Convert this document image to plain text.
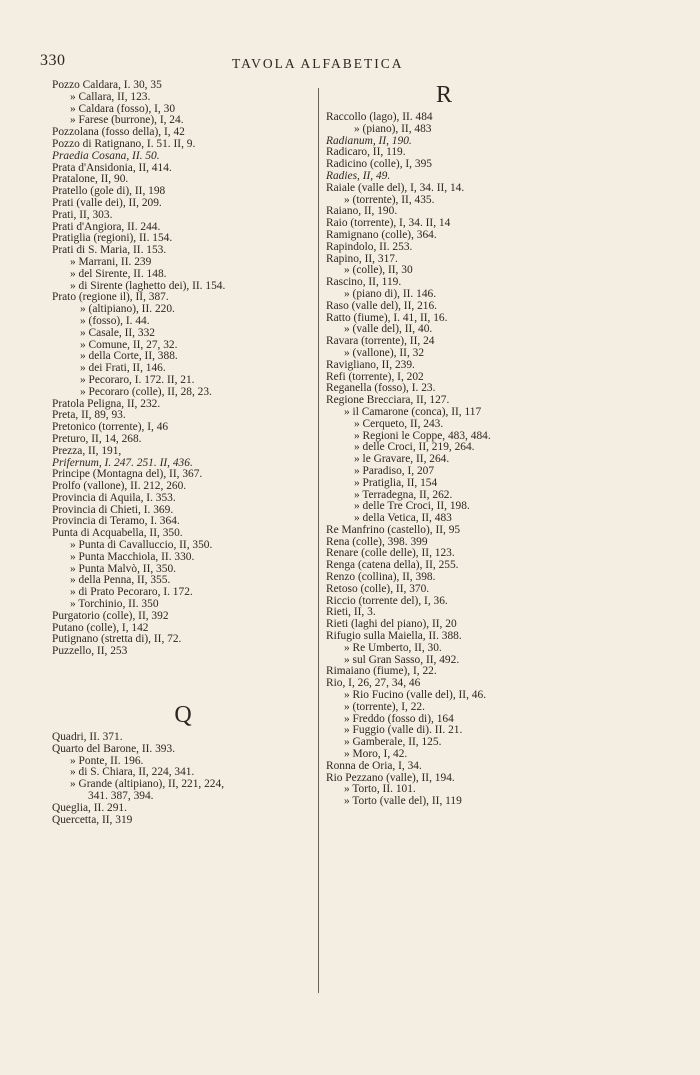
330	TAVOLA ALFABETICA
Pozzo Caldara, I. 30, 35
» Callara, II, 123.
» Caldara (fosso), I, 30
» Farese (burrone), I, 24.
Pozzolana (fosso della), I, 42
Pozzo di Ratignano, I. 51. II, 9.
Praedia Cosana, II. 50.
Prata d'Ansidonia, II, 414.
Pratalone, II, 90.
Pratello (gole di), II, 198
Prati (valle dei), II, 209.
Prati, II, 303.
Prati d'Angiora, II. 244.
Pratiglia (regioni), II. 154.
Prati di S. Maria, II. 153.
» Marrani, II. 239
» del Sirente, II. 148.
» di Sirente (laghetto dei), II. 154.
Prato (regione il), II, 387.
» (altipiano), II. 220.
» (fosso), I. 44.
» Casale, II, 332
» Comune, II, 27, 32.
» della Corte, II, 388.
» dei Frati, II, 146.
» Pecoraro, I. 172. II, 21.
» Pecoraro (colle), II, 28, 23.
Pratola Peligna, II, 232.
Preta, II, 89, 93.
Pretonico (torrente), I, 46
Preturo, II, 14, 268.
Prezza, II, 191,
Prifernum, I. 247. 251. II, 436.
Principe (Montagna del), II, 367.
Prolfo (vallone), II. 212, 260.
Provincia di Aquila, I. 353.
Provincia di Chieti, I. 369.
Provincia di Teramo, I. 364.
Punta di Acquabella, II, 350.
» Punta di Cavalluccio, II, 350.
» Punta Macchiola, II. 330.
» Punta Malvò, II, 350.
» della Penna, II, 355.
» di Prato Pecoraro, I. 172.
» Torchinio, II. 350
Purgatorio (colle), II, 392
Putano (colle), I, 142
Putignano (stretta di), II, 72.
Puzzello, II, 253
Q
Quadri, II. 371.
Quarto del Barone, II. 393.
» Ponte, II. 196.
» di S. Chiara, II, 224, 341.
» Grande (altipiano), II, 221, 224,
341. 387, 394.
Queglia, II. 291.
Quercetta, II, 319
R
Raccollo (lago), II. 484
» (piano), II, 483
Radianum, II, 190.
Radicaro, II, 119.
Radicino (colle), I, 395
Radies, II, 49.
Raiale (valle del), I, 34. II, 14.
» (torrente), II, 435.
Raiano, II, 190.
Raio (torrente), I, 34. II, 14
Ramignano (colle), 364.
Rapindolo, II. 253.
Rapino, II, 317.
» (colle), II, 30
Rascino, II, 119.
» (piano di), II. 146.
Raso (valle del), II, 216.
Ratto (fiume), I. 41, II, 16.
» (valle del), II, 40.
Ravara (torrente), II, 24
» (vallone), II, 32
Raviglianо, II, 239.
Refi (torrente), I, 202
Reganella (fosso), I. 23.
Regione Brecciara, II, 127.
» il Camarone (conca), II, 117
» Cerqueto, II, 243.
» Regioni le Coppe, 483, 484.
» delle Croci, II, 219, 264.
» le Gravare, II, 264.
» Paradiso, I, 207
» Pratiglia, II, 154
» Terradegna, II, 262.
» delle Tre Croci, II, 198.
» della Vetica, II, 483
Re Manfrino (castello), II, 95
Rena (colle), 398. 399
Renare (colle delle), II, 123.
Renga (catena della), II, 255.
Renzo (collina), II, 398.
Retoso (colle), II, 370.
Riccio (torrente del), I, 36.
Rieti, II, 3.
Rieti (laghi del piano), II, 20
Rifugio sulla Maiella, II. 388.
» Re Umberto, II, 30.
» sul Gran Sasso, II, 492.
Rimaiano (fiume), I, 22.
Rio, I, 26, 27, 34, 46
» Rio Fucino (valle del), II, 46.
» (torrente), I, 22.
» Freddo (fosso di), 164
» Fuggio (valle di). II. 21.
» Gamberale, II, 125.
» Moro, I, 42.
Ronna de Oria, I, 34.
Rio Pezzano (valle), II, 194.
» Torto, II. 101.
» Torto (valle del), II, 119
